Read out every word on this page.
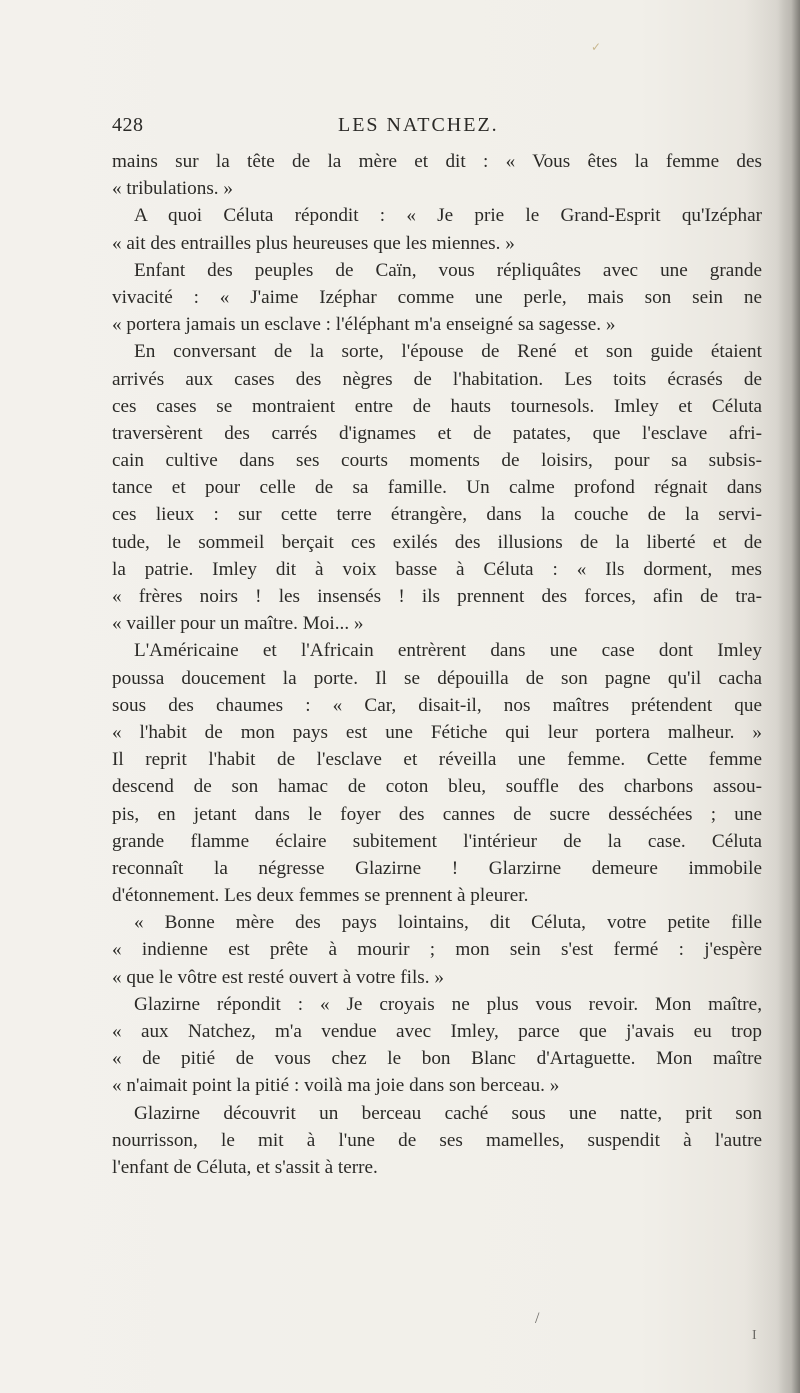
✓
428	LES NATCHEZ.
mains sur la tête de la mère et dit : « Vous êtes la femme des
« tribulations. »
A quoi Céluta répondit : « Je prie le Grand-Esprit qu'Izéphar
« ait des entrailles plus heureuses que les miennes. »
Enfant des peuples de Caïn, vous répliquâtes avec une grande
vivacité : « J'aime Izéphar comme une perle, mais son sein ne
« portera jamais un esclave : l'éléphant m'a enseigné sa sagesse. »
En conversant de la sorte, l'épouse de René et son guide étaient
arrivés aux cases des nègres de l'habitation. Les toits écrasés de
ces cases se montraient entre de hauts tournesols. Imley et Céluta
traversèrent des carrés d'ignames et de patates, que l'esclave afri-
cain cultive dans ses courts moments de loisirs, pour sa subsis-
tance et pour celle de sa famille. Un calme profond régnait dans
ces lieux : sur cette terre étrangère, dans la couche de la servi-
tude, le sommeil berçait ces exilés des illusions de la liberté et de
la patrie. Imley dit à voix basse à Céluta : « Ils dorment, mes
« frères noirs ! les insensés ! ils prennent des forces, afin de tra-
« vailler pour un maître. Moi... »
L'Américaine et l'Africain entrèrent dans une case dont Imley
poussa doucement la porte. Il se dépouilla de son pagne qu'il cacha
sous des chaumes : « Car, disait-il, nos maîtres prétendent que
« l'habit de mon pays est une Fétiche qui leur portera malheur. »
Il reprit l'habit de l'esclave et réveilla une femme. Cette femme
descend de son hamac de coton bleu, souffle des charbons assou-
pis, en jetant dans le foyer des cannes de sucre desséchées ; une
grande flamme éclaire subitement l'intérieur de la case. Céluta
reconnaît la négresse Glazirne ! Glarzirne demeure immobile
d'étonnement. Les deux femmes se prennent à pleurer.
« Bonne mère des pays lointains, dit Céluta, votre petite fille
« indienne est prête à mourir ; mon sein s'est fermé : j'espère
« que le vôtre est resté ouvert à votre fils. »
Glazirne répondit : « Je croyais ne plus vous revoir. Mon maître,
« aux Natchez, m'a vendue avec Imley, parce que j'avais eu trop
« de pitié de vous chez le bon Blanc d'Artaguette. Mon maître
« n'aimait point la pitié : voilà ma joie dans son berceau. »
Glazirne découvrit un berceau caché sous une natte, prit son
nourrisson, le mit à l'une de ses mamelles, suspendit à l'autre
l'enfant de Céluta, et s'assit à terre.
/
I
